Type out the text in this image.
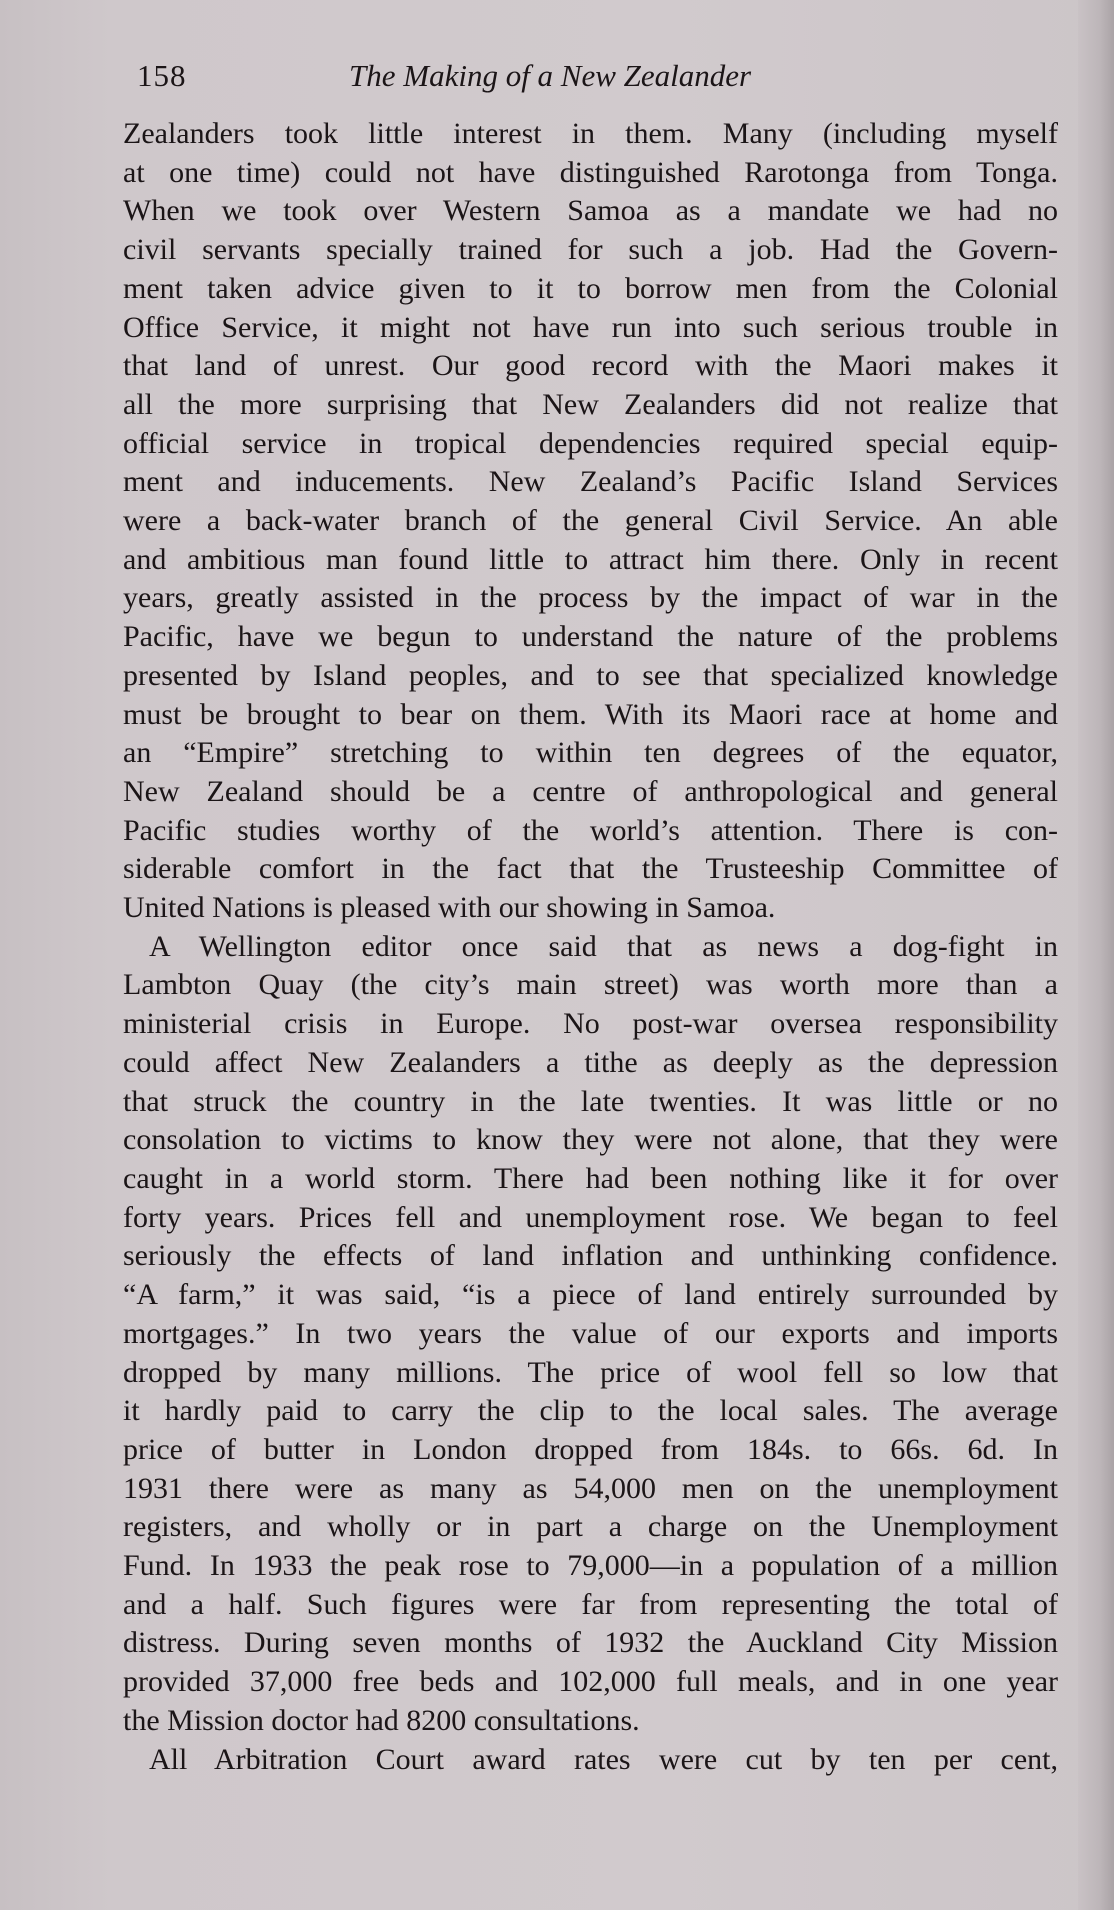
158	The Making of a New Zealander
Zealanders took little interest in them. Many (including myself
at one time) could not have distinguished Rarotonga from Tonga.
When we took over Western Samoa as a mandate we had no
civil servants specially trained for such a job. Had the Govern-
ment taken advice given to it to borrow men from the Colonial
Office Service, it might not have run into such serious trouble in
that land of unrest. Our good record with the Maori makes it
all the more surprising that New Zealanders did not realize that
official service in tropical dependencies required special equip-
ment and inducements. New Zealand’s Pacific Island Services
were a back-water branch of the general Civil Service. An able
and ambitious man found little to attract him there. Only in recent
years, greatly assisted in the process by the impact of war in the
Pacific, have we begun to understand the nature of the problems
presented by Island peoples, and to see that specialized knowledge
must be brought to bear on them. With its Maori race at home and
an “Empire” stretching to within ten degrees of the equator,
New Zealand should be a centre of anthropological and general
Pacific studies worthy of the world’s attention. There is con-
siderable comfort in the fact that the Trusteeship Committee of
United Nations is pleased with our showing in Samoa.
A Wellington editor once said that as news a dog-fight in
Lambton Quay (the city’s main street) was worth more than a
ministerial crisis in Europe. No post-war oversea responsibility
could affect New Zealanders a tithe as deeply as the depression
that struck the country in the late twenties. It was little or no
consolation to victims to know they were not alone, that they were
caught in a world storm. There had been nothing like it for over
forty years. Prices fell and unemployment rose. We began to feel
seriously the effects of land inflation and unthinking confidence.
“A farm,” it was said, “is a piece of land entirely surrounded by
mortgages.” In two years the value of our exports and imports
dropped by many millions. The price of wool fell so low that
it hardly paid to carry the clip to the local sales. The average
price of butter in London dropped from 184s. to 66s. 6d. In
1931 there were as many as 54,000 men on the unemployment
registers, and wholly or in part a charge on the Unemployment
Fund. In 1933 the peak rose to 79,000—in a population of a million
and a half. Such figures were far from representing the total of
distress. During seven months of 1932 the Auckland City Mission
provided 37,000 free beds and 102,000 full meals, and in one year
the Mission doctor had 8200 consultations.
All Arbitration Court award rates were cut by ten per cent,
